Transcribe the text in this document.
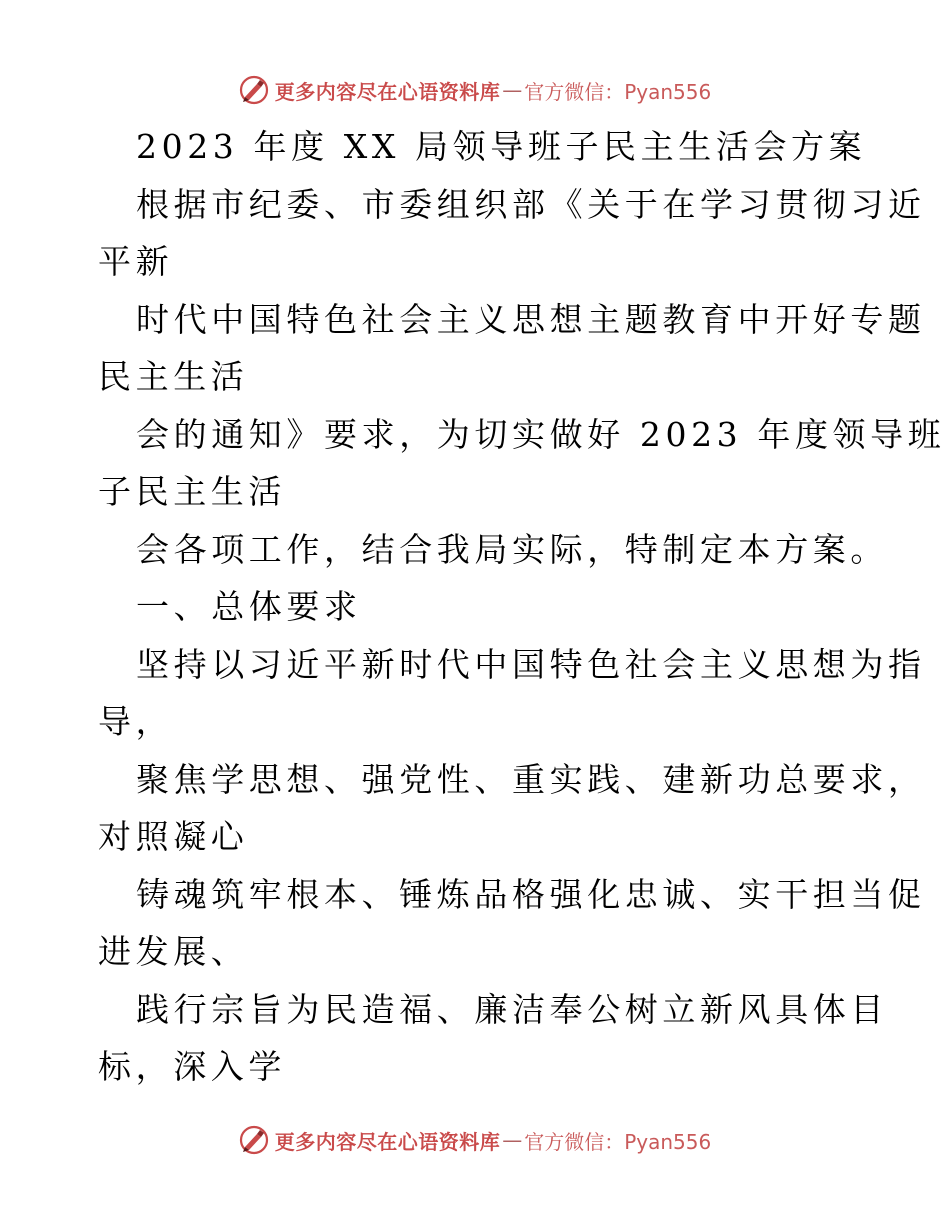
更多内容尽在心语资料库 — 官方微信：Pyan556
2023 年度 XX 局领导班子民主生活会方案
根据市纪委、市委组织部《关于在学习贯彻习近
平新
时代中国特色社会主义思想主题教育中开好专题
民主生活
会的通知》要求，为切实做好 2023 年度领导班
子民主生活
会各项工作，结合我局实际，特制定本方案。
一、总体要求
坚持以习近平新时代中国特色社会主义思想为指
导，
聚焦学思想、强党性、重实践、建新功总要求，
对照凝心
铸魂筑牢根本、锤炼品格强化忠诚、实干担当促
进发展、
践行宗旨为民造福、廉洁奉公树立新风具体目
标，深入学
更多内容尽在心语资料库 — 官方微信：Pyan556
